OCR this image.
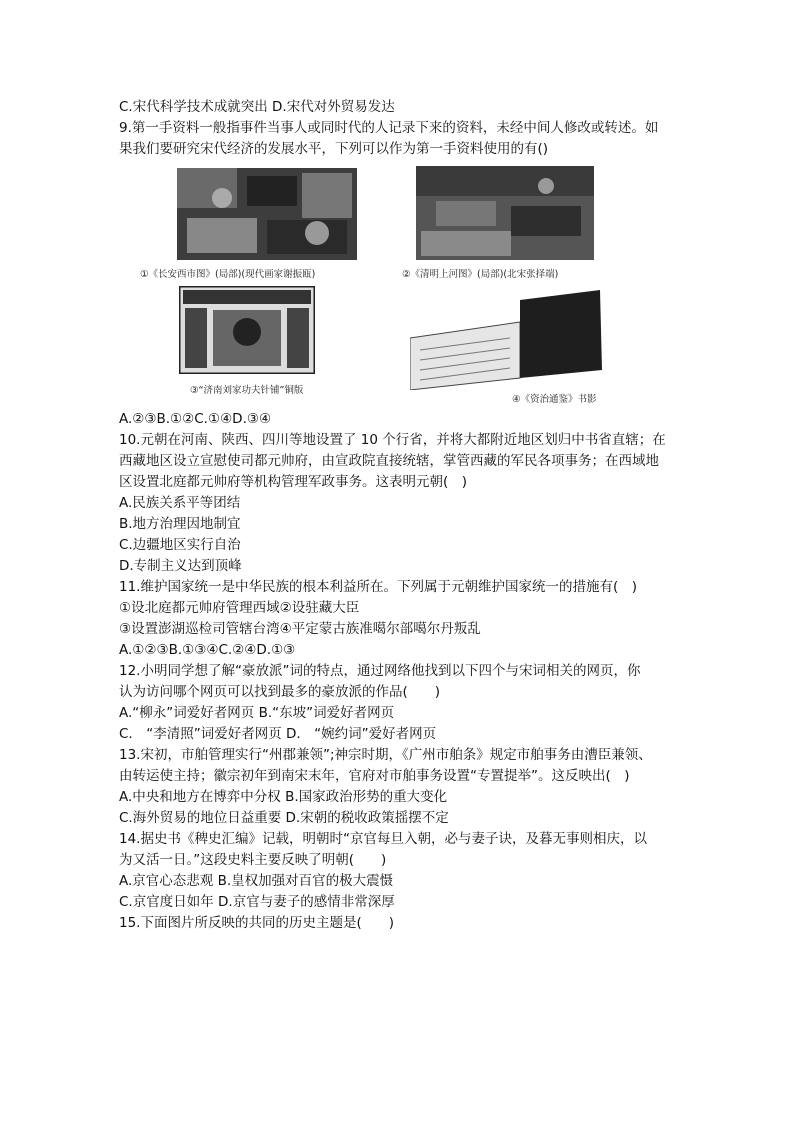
C.宋代科学技术成就突出 D.宋代对外贸易发达
9.第一手资料一般指事件当事人或同时代的人记录下来的资料，未经中间人修改或转述。如
果我们要研究宋代经济的发展水平，下列可以作为第一手资料使用的有()
①《长安西市图》(局部)(现代画家谢振瓯)	②《清明上河图》(局部)(北宋张择端)
③“济南刘家功夫针铺”铜版
④《资治通鉴》书影
A.②③B.①②C.①④D.③④
10.元朝在河南、陕西、四川等地设置了 10 个行省，并将大都附近地区划归中书省直辖；在
西藏地区设立宣慰使司都元帅府，由宣政院直接统辖，掌管西藏的军民各项事务；在西域地
区设置北庭都元帅府等机构管理军政事务。这表明元朝(　)
A.民族关系平等团结
B.地方治理因地制宜
C.边疆地区实行自治
D.专制主义达到顶峰
11.维护国家统一是中华民族的根本利益所在。下列属于元朝维护国家统一的措施有(　)
①设北庭都元帅府管理西域②设驻藏大臣
③设置澎湖巡检司管辖台湾④平定蒙古族准噶尔部噶尔丹叛乱
A.①②③B.①③④C.②④D.①③
12.小明同学想了解“豪放派”词的特点，通过网络他找到以下四个与宋词相关的网页，你
认为访问哪个网页可以找到最多的豪放派的作品(　　)
A.“柳永”词爱好者网页 B.“东坡”词爱好者网页
C.　“李清照”词爱好者网页 D.　“婉约词”爱好者网页
13.宋初，市舶管理实行“州郡兼领”;神宗时期，《广州市舶条》规定市舶事务由漕臣兼领、
由转运使主持；徽宗初年到南宋末年，官府对市舶事务设置“专置提举”。这反映出(　)
A.中央和地方在博弈中分权 B.国家政治形势的重大变化
C.海外贸易的地位日益重要 D.宋朝的税收政策摇摆不定
14.据史书《稗史汇编》记载，明朝时“京官每旦入朝，必与妻子诀，及暮无事则相庆，以
为又活一日。”这段史料主要反映了明朝(　　)
A.京官心态悲观 B.皇权加强对百官的极大震慑
C.京官度日如年 D.京官与妻子的感情非常深厚
15.下面图片所反映的共同的历史主题是(　　)
